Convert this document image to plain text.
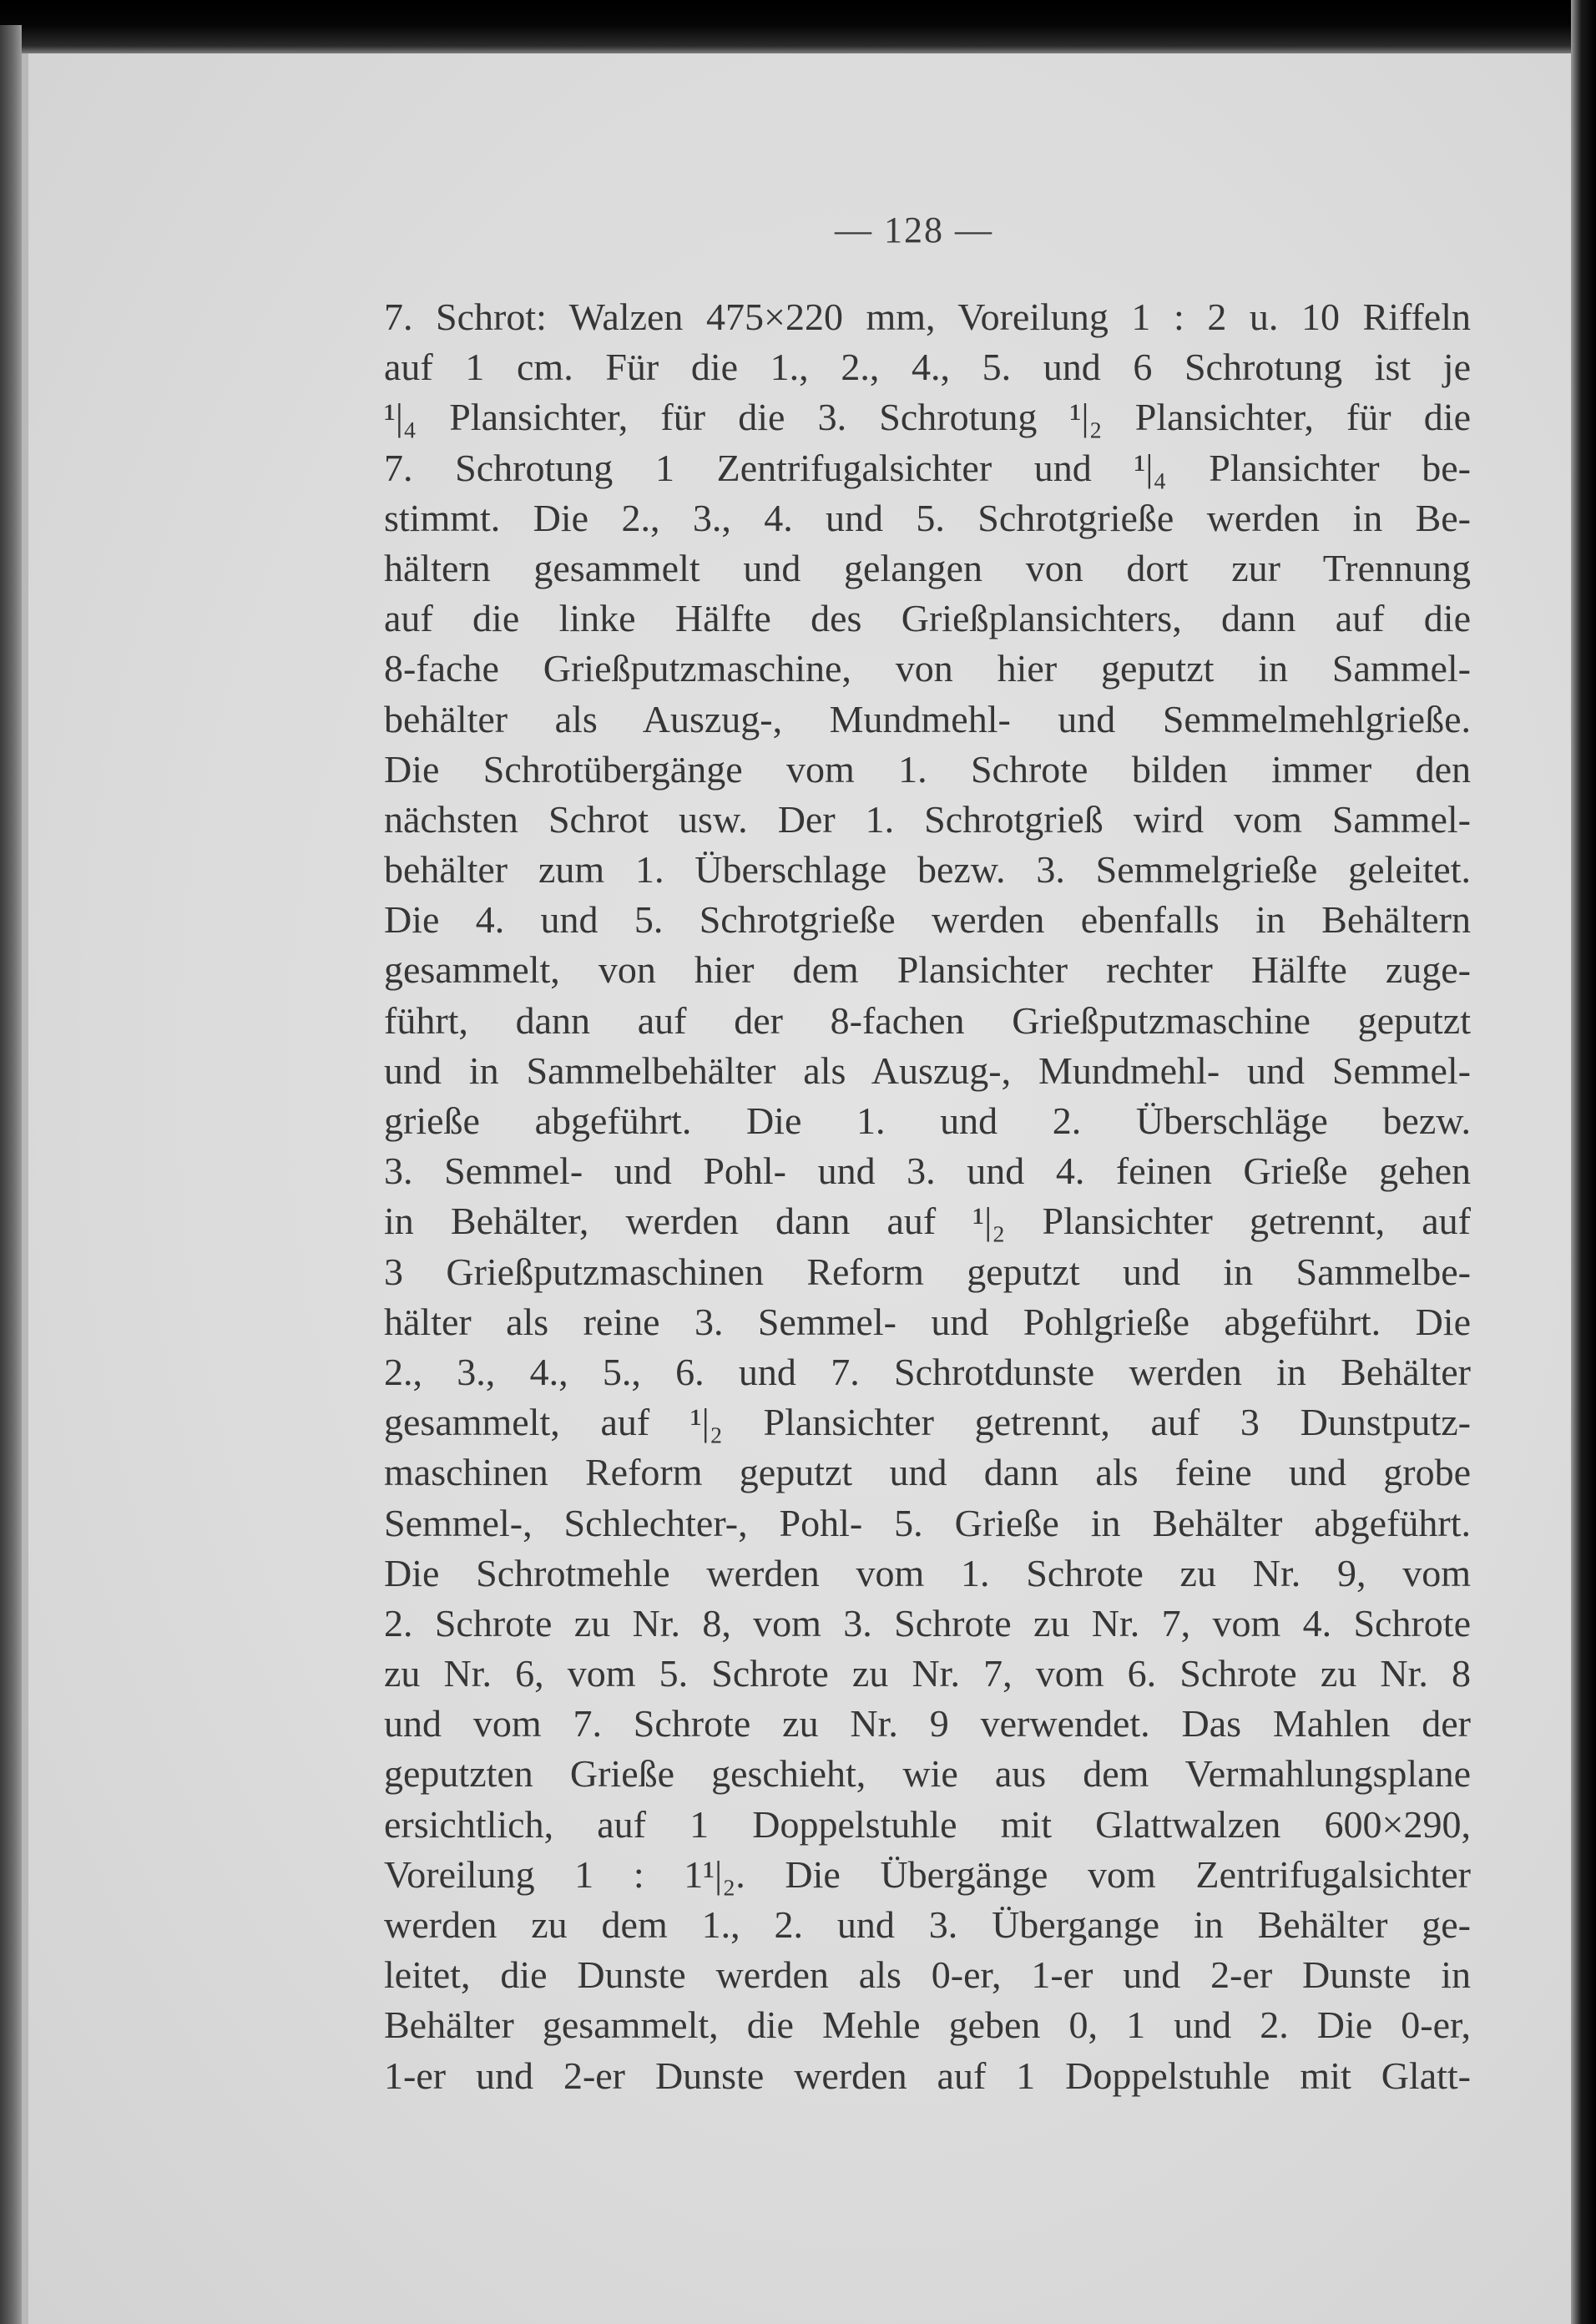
— 128 —
7. Schrot: Walzen 475×220 mm, Voreilung 1 : 2 u. 10 Riffeln
auf 1 cm. Für die 1., 2., 4., 5. und 6 Schrotung ist je
¹|₄ Plansichter, für die 3. Schrotung ¹|₂ Plansichter, für die
7. Schrotung 1 Zentrifugalsichter und ¹|₄ Plansichter be-
stimmt. Die 2., 3., 4. und 5. Schrotgrieße werden in Be-
hältern gesammelt und gelangen von dort zur Trennung
auf die linke Hälfte des Grießplansichters, dann auf die
8-fache Grießputzmaschine, von hier geputzt in Sammel-
behälter als Auszug-, Mundmehl- und Semmelmehlgrieße.
Die Schrotübergänge vom 1. Schrote bilden immer den
nächsten Schrot usw. Der 1. Schrotgrieß wird vom Sammel-
behälter zum 1. Überschlage bezw. 3. Semmelgrieße geleitet.
Die 4. und 5. Schrotgrieße werden ebenfalls in Behältern
gesammelt, von hier dem Plansichter rechter Hälfte zuge-
führt, dann auf der 8-fachen Grießputzmaschine geputzt
und in Sammelbehälter als Auszug-, Mundmehl- und Semmel-
grieße abgeführt. Die 1. und 2. Überschläge bezw.
3. Semmel- und Pohl- und 3. und 4. feinen Grieße gehen
in Behälter, werden dann auf ¹|₂ Plansichter getrennt, auf
3 Grießputzmaschinen Reform geputzt und in Sammelbe-
hälter als reine 3. Semmel- und Pohlgrieße abgeführt. Die
2., 3., 4., 5., 6. und 7. Schrotdunste werden in Behälter
gesammelt, auf ¹|₂ Plansichter getrennt, auf 3 Dunstputz-
maschinen Reform geputzt und dann als feine und grobe
Semmel-, Schlechter-, Pohl- 5. Grieße in Behälter abgeführt.
Die Schrotmehle werden vom 1. Schrote zu Nr. 9, vom
2. Schrote zu Nr. 8, vom 3. Schrote zu Nr. 7, vom 4. Schrote
zu Nr. 6, vom 5. Schrote zu Nr. 7, vom 6. Schrote zu Nr. 8
und vom 7. Schrote zu Nr. 9 verwendet. Das Mahlen der
geputzten Grieße geschieht, wie aus dem Vermahlungsplane
ersichtlich, auf 1 Doppelstuhle mit Glattwalzen 600×290,
Voreilung 1 : 1¹|₂. Die Übergänge vom Zentrifugalsichter
werden zu dem 1., 2. und 3. Übergange in Behälter ge-
leitet, die Dunste werden als 0-er, 1-er und 2-er Dunste in
Behälter gesammelt, die Mehle geben 0, 1 und 2. Die 0-er,
1-er und 2-er Dunste werden auf 1 Doppelstuhle mit Glatt-
